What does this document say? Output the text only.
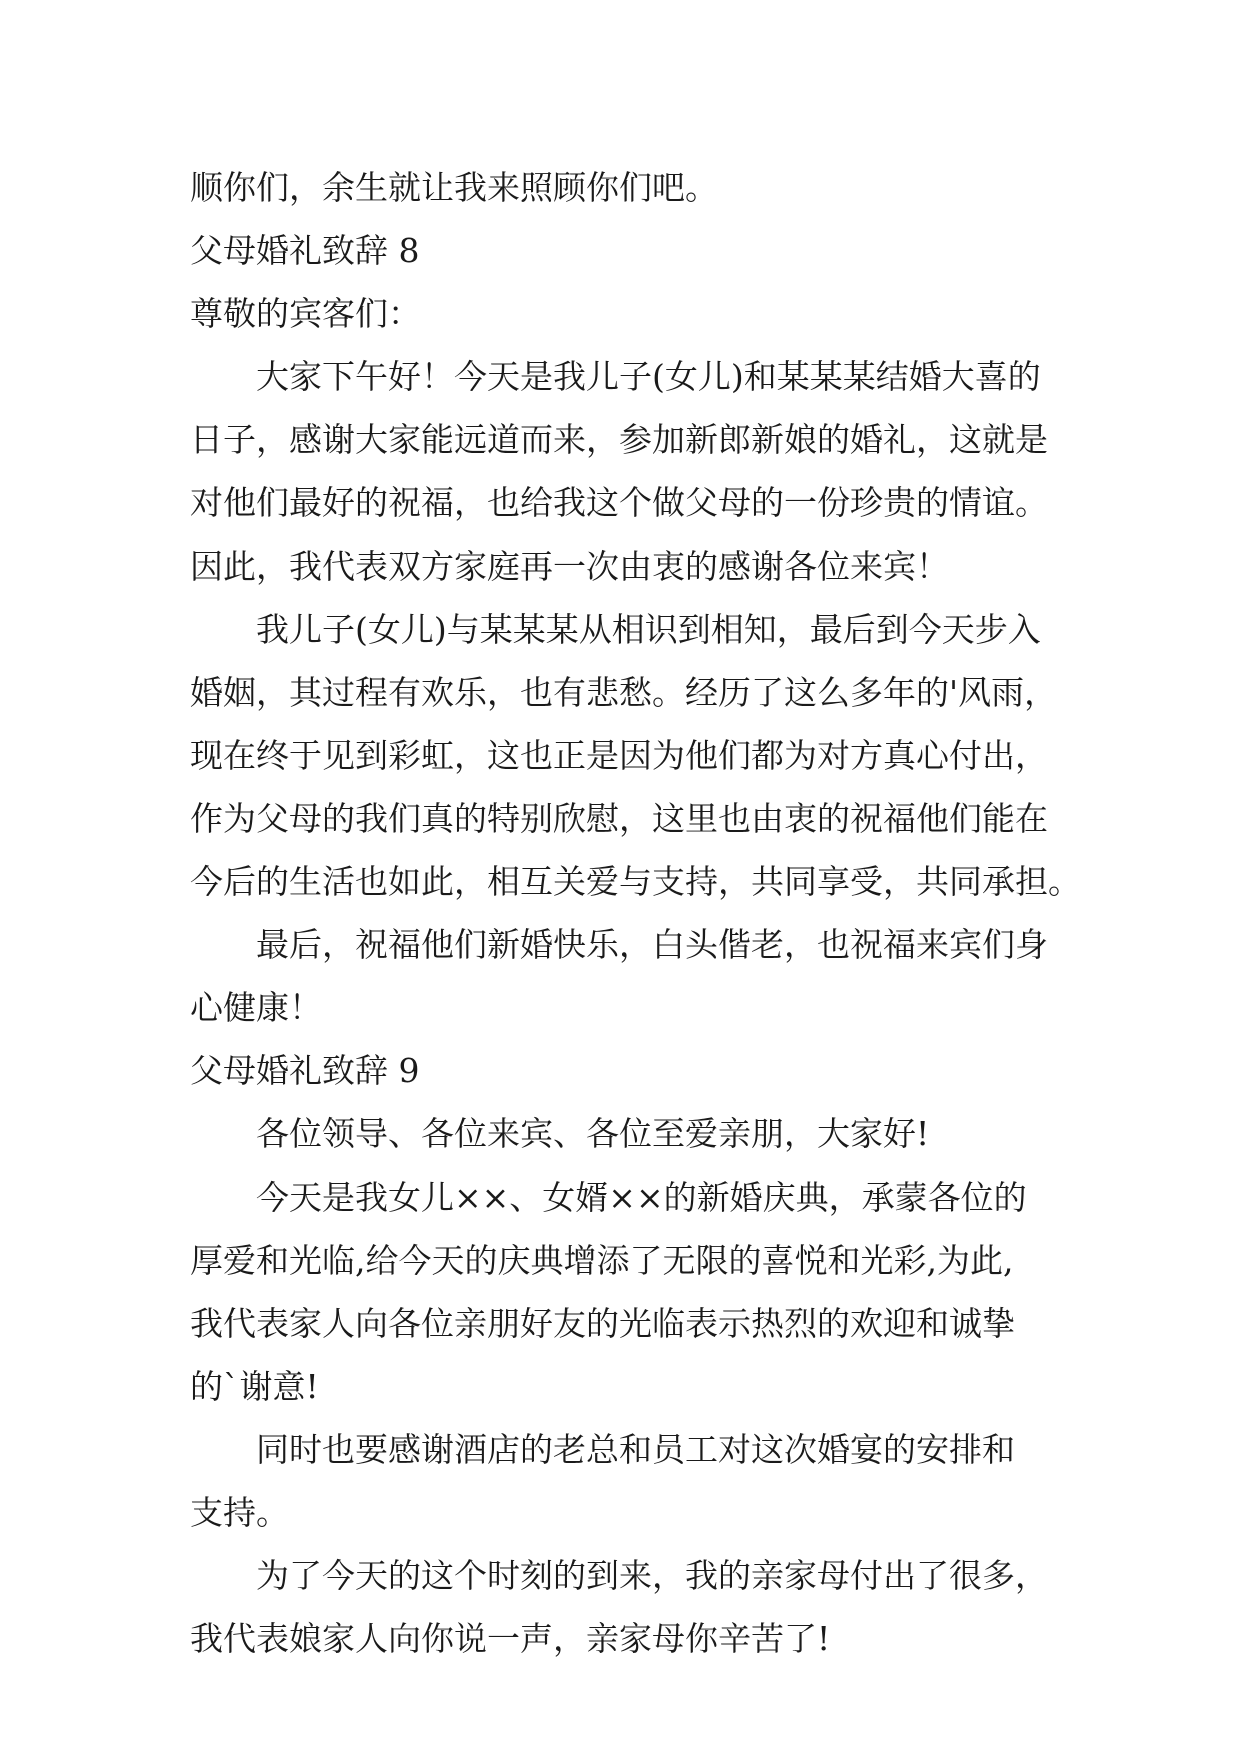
顺你们，余生就让我来照顾你们吧。
父母婚礼致辞 8
尊敬的宾客们：
大家下午好！今天是我儿子(女儿)和某某某结婚大喜的
日子，感谢大家能远道而来，参加新郎新娘的婚礼，这就是
对他们最好的祝福，也给我这个做父母的一份珍贵的情谊。
因此，我代表双方家庭再一次由衷的感谢各位来宾！
我儿子(女儿)与某某某从相识到相知，最后到今天步入
婚姻，其过程有欢乐，也有悲愁。经历了这么多年的'风雨，
现在终于见到彩虹，这也正是因为他们都为对方真心付出，
作为父母的我们真的特别欣慰，这里也由衷的祝福他们能在
今后的生活也如此，相互关爱与支持，共同享受，共同承担。
最后，祝福他们新婚快乐，白头偕老，也祝福来宾们身
心健康！
父母婚礼致辞 9
各位领导、各位来宾、各位至爱亲朋，大家好!
今天是我女儿××、女婿××的新婚庆典，承蒙各位的
厚爱和光临,给今天的庆典增添了无限的喜悦和光彩,为此,
我代表家人向各位亲朋好友的光临表示热烈的欢迎和诚挚
的`谢意!
同时也要感谢酒店的老总和员工对这次婚宴的安排和
支持。
为了今天的这个时刻的到来，我的亲家母付出了很多，
我代表娘家人向你说一声，亲家母你辛苦了!
